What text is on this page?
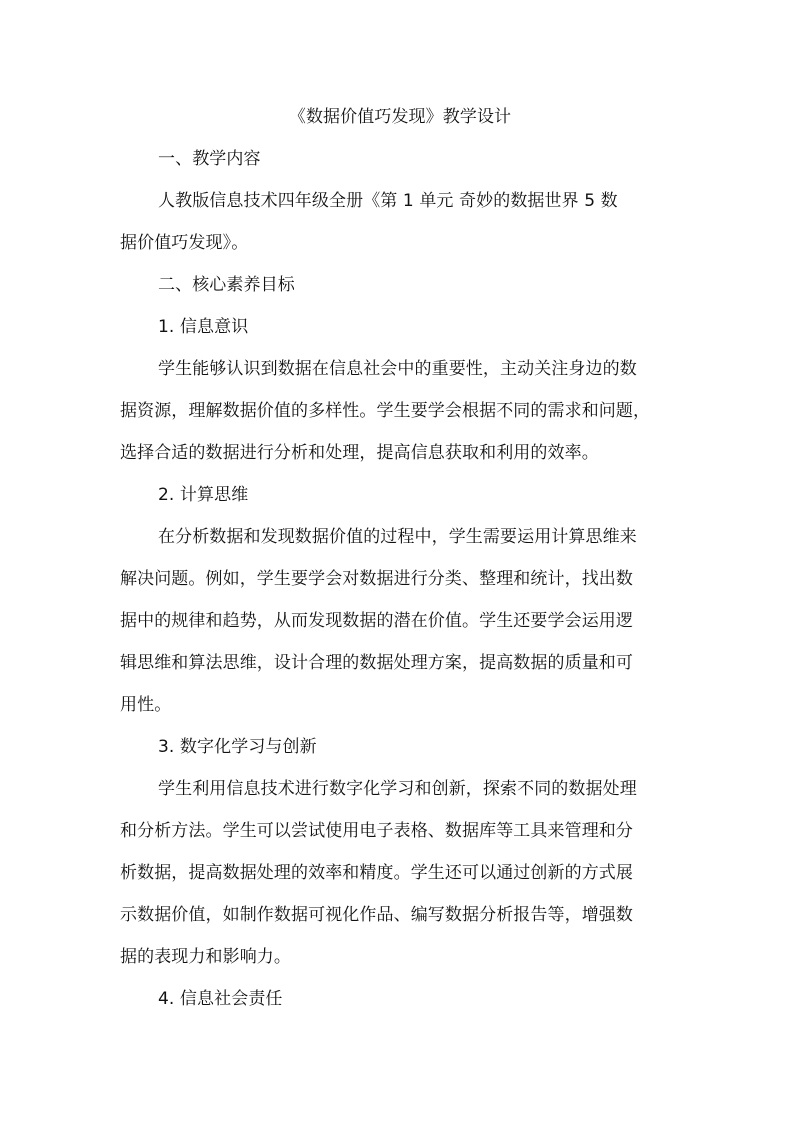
《数据价值巧发现》教学设计
一、教学内容
人教版信息技术四年级全册《第 1 单元 奇妙的数据世界 5 数
据价值巧发现》。
二、核心素养目标
1. 信息意识
学生能够认识到数据在信息社会中的重要性，主动关注身边的数
据资源，理解数据价值的多样性。学生要学会根据不同的需求和问题，
选择合适的数据进行分析和处理，提高信息获取和利用的效率。
2. 计算思维
在分析数据和发现数据价值的过程中，学生需要运用计算思维来
解决问题。例如，学生要学会对数据进行分类、整理和统计，找出数
据中的规律和趋势，从而发现数据的潜在价值。学生还要学会运用逻
辑思维和算法思维，设计合理的数据处理方案，提高数据的质量和可
用性。
3. 数字化学习与创新
学生利用信息技术进行数字化学习和创新，探索不同的数据处理
和分析方法。学生可以尝试使用电子表格、数据库等工具来管理和分
析数据，提高数据处理的效率和精度。学生还可以通过创新的方式展
示数据价值，如制作数据可视化作品、编写数据分析报告等，增强数
据的表现力和影响力。
4. 信息社会责任
